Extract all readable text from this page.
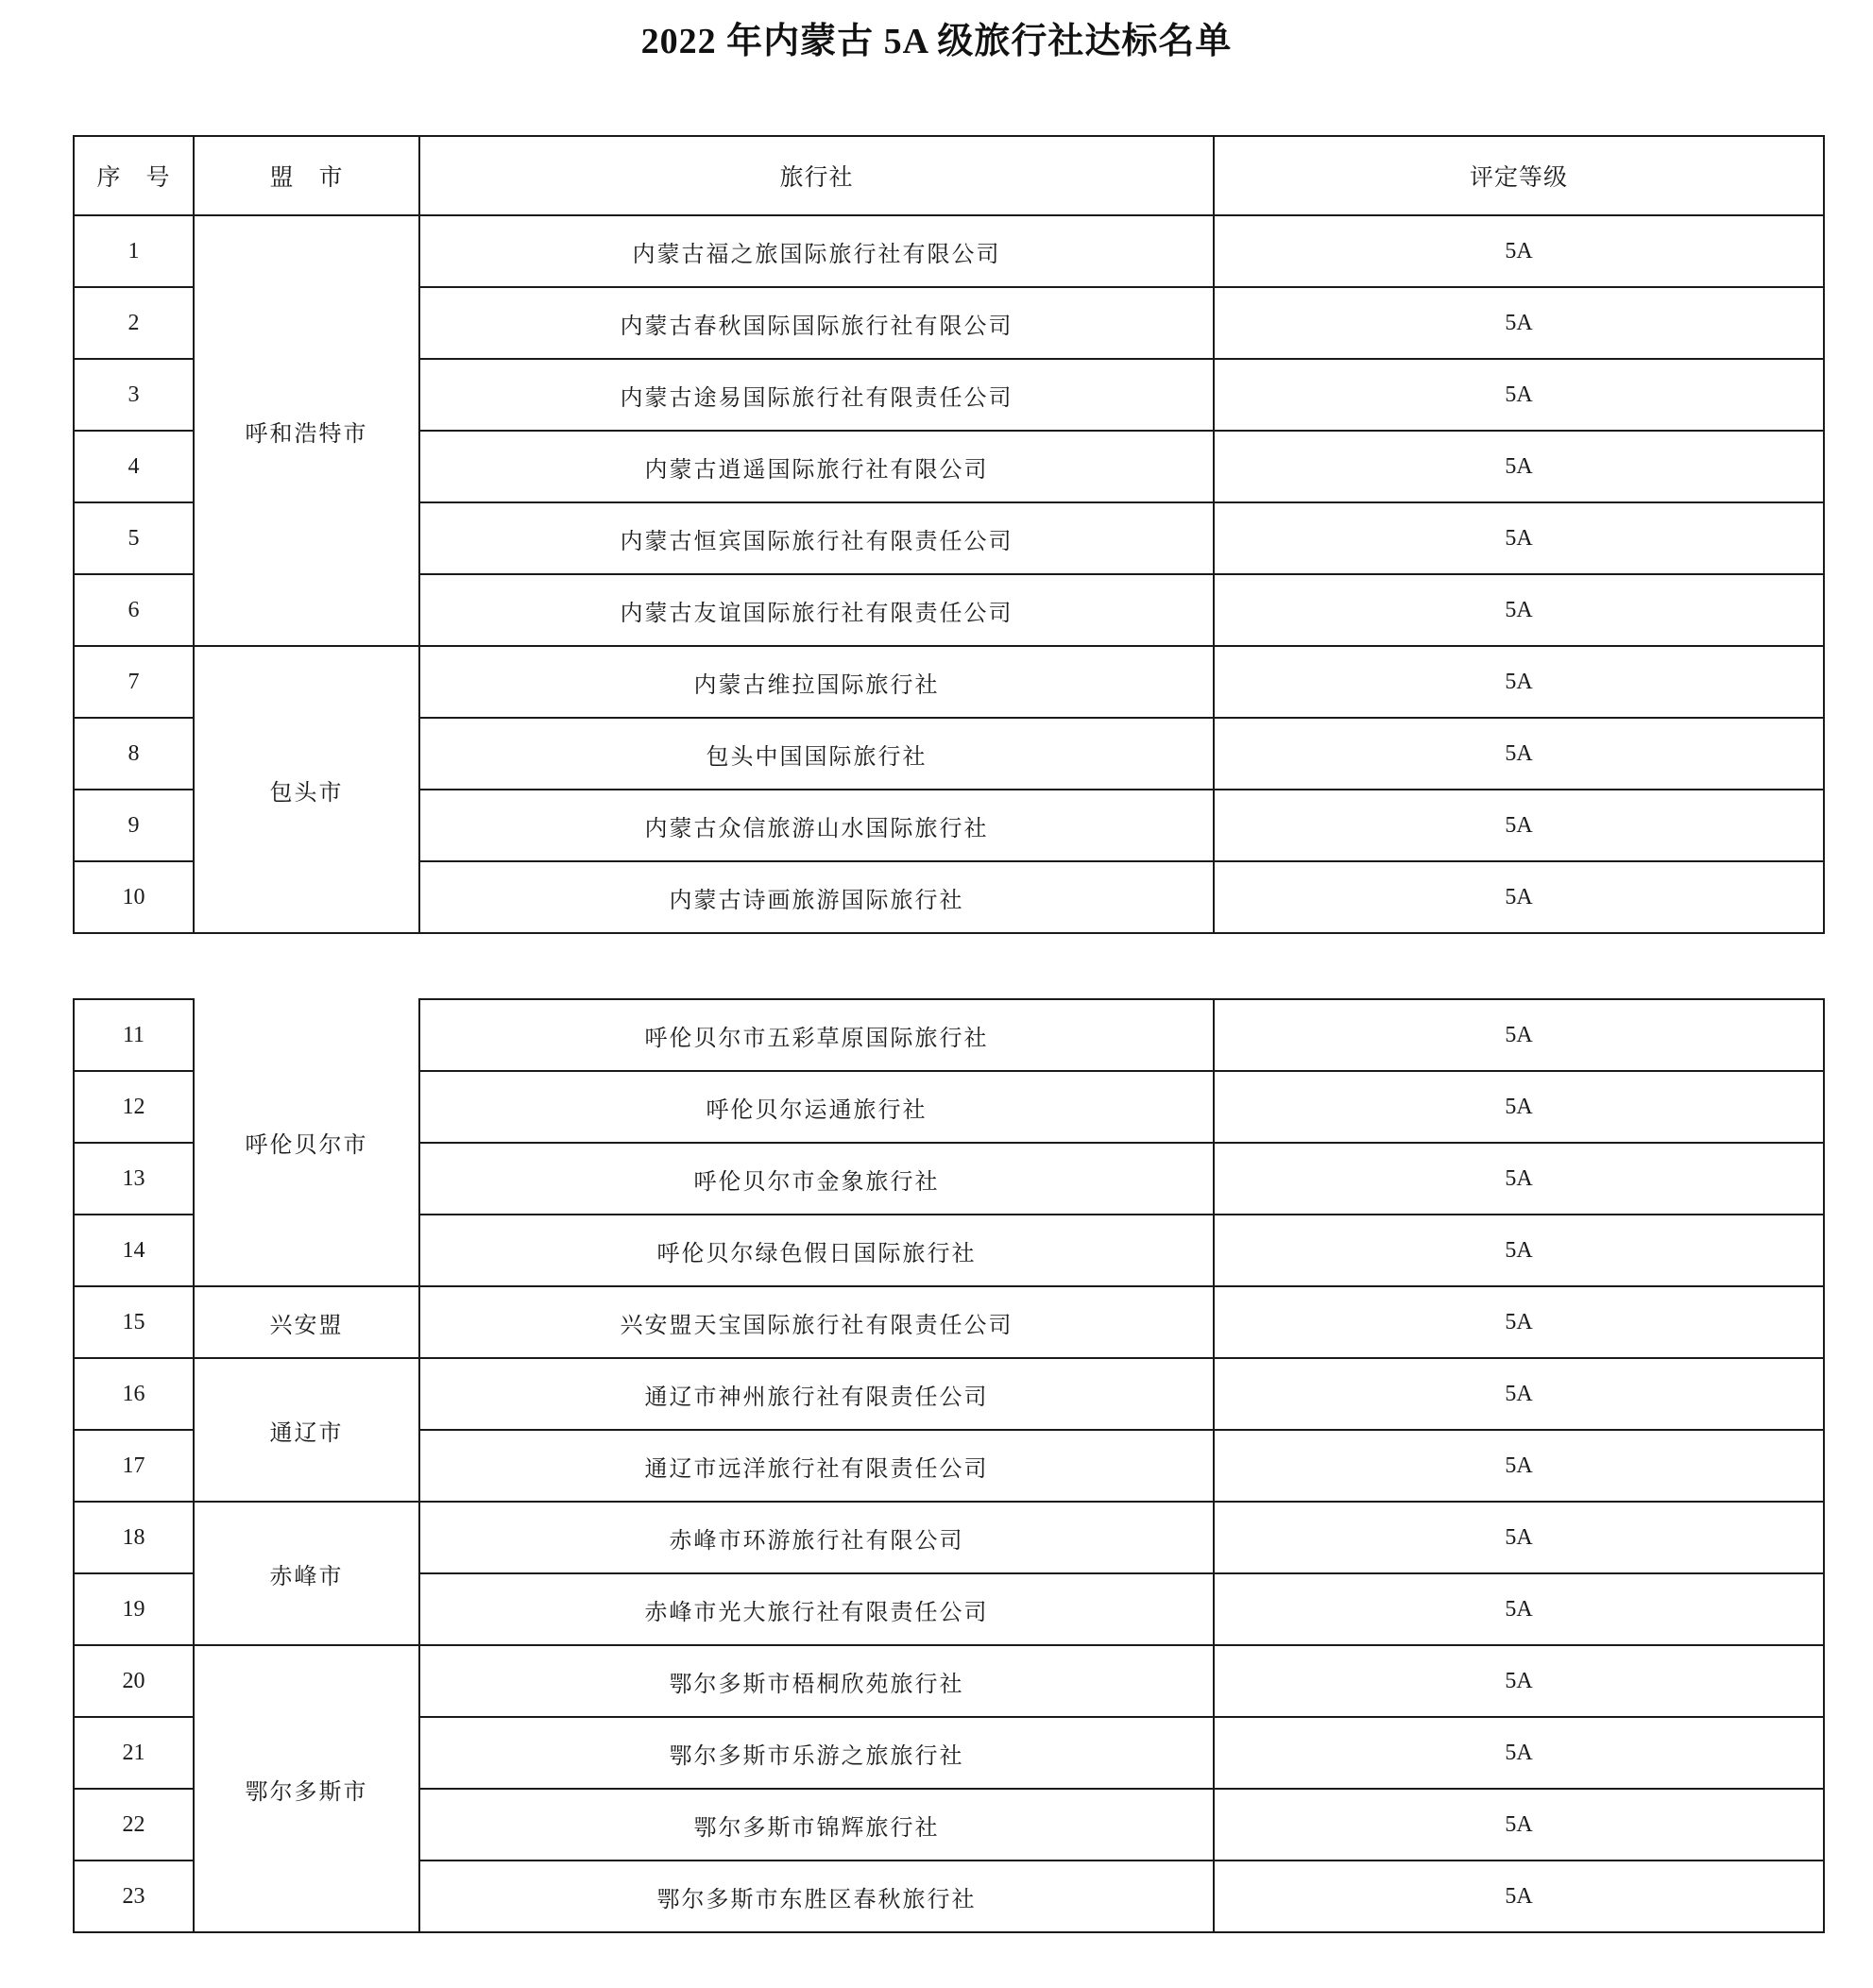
2022 年内蒙古 5A 级旅行社达标名单
序　号	盟　市	旅行社	评定等级
1	呼和浩特市	内蒙古福之旅国际旅行社有限公司	5A
2		内蒙古春秋国际国际旅行社有限公司	5A
3		内蒙古途易国际旅行社有限责任公司	5A
4		内蒙古逍遥国际旅行社有限公司	5A
5		内蒙古恒宾国际旅行社有限责任公司	5A
6		内蒙古友谊国际旅行社有限责任公司	5A
7	包头市	内蒙古维拉国际旅行社	5A
8		包头中国国际旅行社	5A
9		内蒙古众信旅游山水国际旅行社	5A
10		内蒙古诗画旅游国际旅行社	5A
11	呼伦贝尔市	呼伦贝尔市五彩草原国际旅行社	5A
12		呼伦贝尔运通旅行社	5A
13		呼伦贝尔市金象旅行社	5A
14		呼伦贝尔绿色假日国际旅行社	5A
15	兴安盟	兴安盟天宝国际旅行社有限责任公司	5A
16	通辽市	通辽市神州旅行社有限责任公司	5A
17		通辽市远洋旅行社有限责任公司	5A
18	赤峰市	赤峰市环游旅行社有限公司	5A
19		赤峰市光大旅行社有限责任公司	5A
20	鄂尔多斯市	鄂尔多斯市梧桐欣苑旅行社	5A
21		鄂尔多斯市乐游之旅旅行社	5A
22		鄂尔多斯市锦辉旅行社	5A
23		鄂尔多斯市东胜区春秋旅行社	5A
